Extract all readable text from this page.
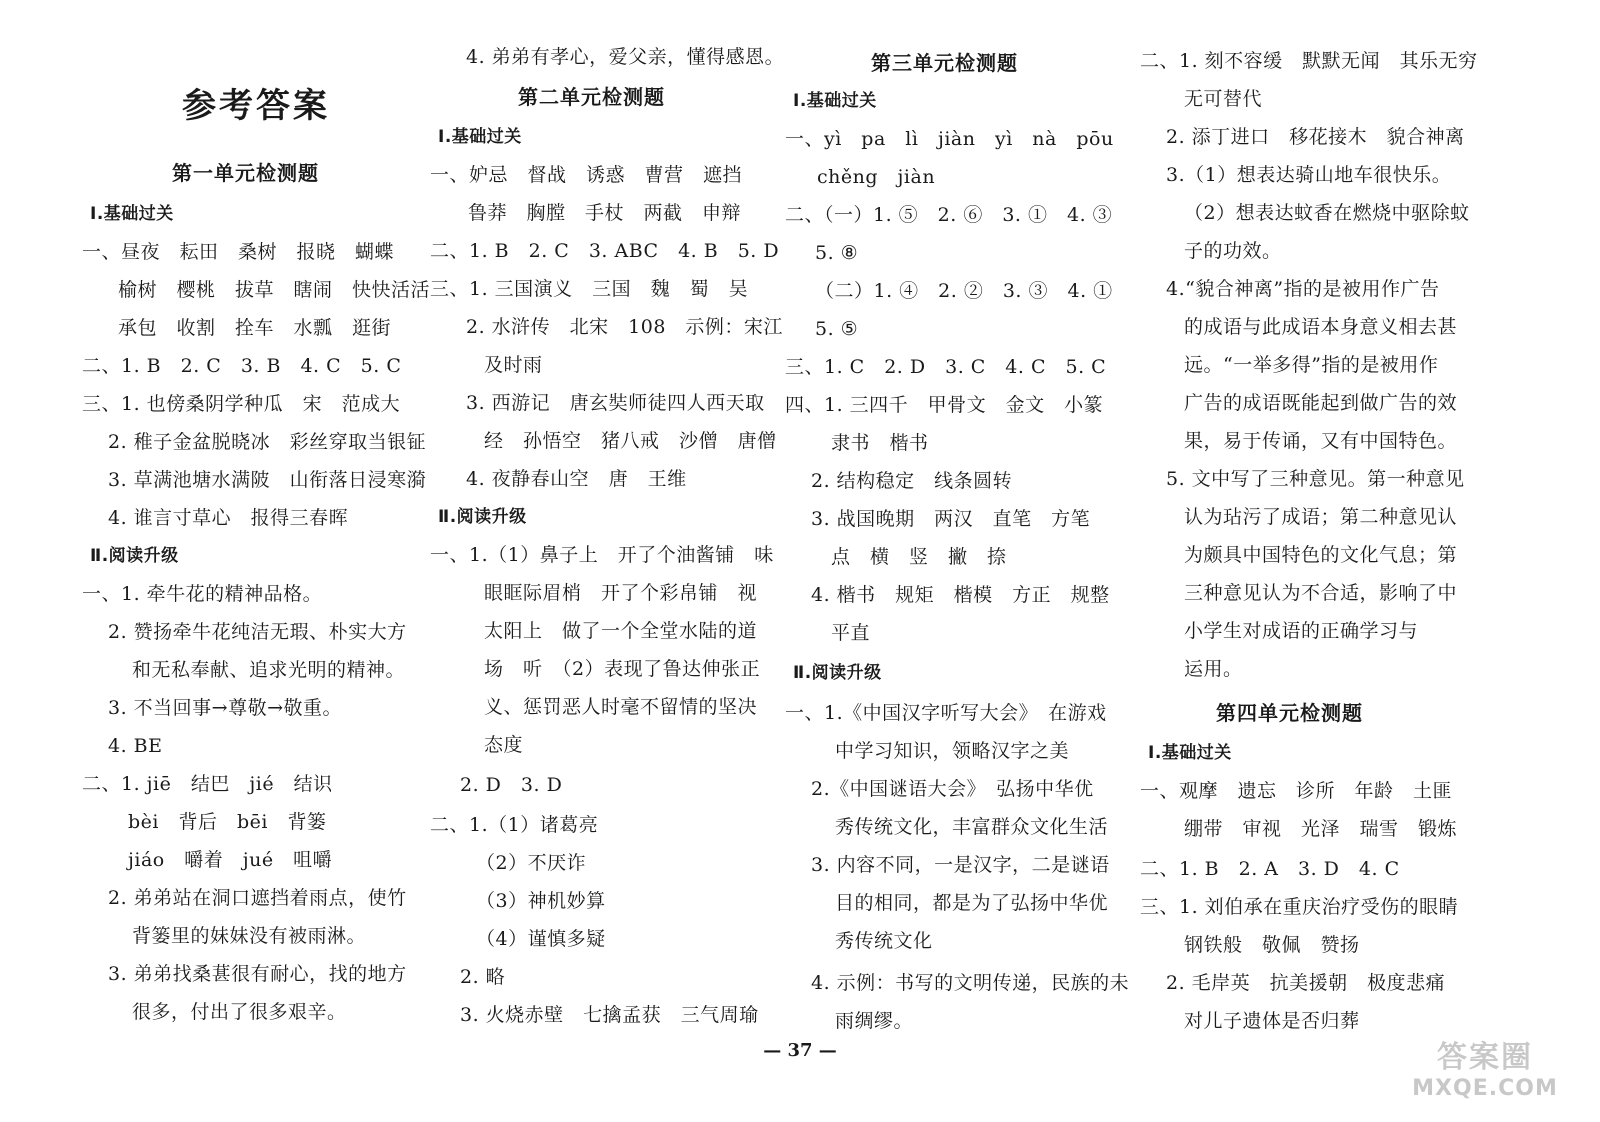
参考答案
第一单元检测题
Ⅰ.基础过关
一、昼夜　耘田　桑树　报晓　蝴蝶
榆树　樱桃　拔草　瞎闹　快快活活
承包　收割　拴车　水瓢　逛街
二、1. B　2. C　3. B　4. C　5. C
三、1. 也傍桑阴学种瓜　宋　范成大
2. 稚子金盆脱晓冰　彩丝穿取当银钲
3. 草满池塘水满陂　山衔落日浸寒漪
4. 谁言寸草心　报得三春晖
Ⅱ.阅读升级
一、1. 牵牛花的精神品格。
2. 赞扬牵牛花纯洁无瑕、朴实大方
和无私奉献、追求光明的精神。
3. 不当回事→尊敬→敬重。
4. BE
二、1. jiē　结巴　jié　结识
bèi　背后　bēi　背篓
jiáo　嚼着　jué　咀嚼
2. 弟弟站在洞口遮挡着雨点，使竹
背篓里的妹妹没有被雨淋。
3. 弟弟找桑葚很有耐心，找的地方
很多，付出了很多艰辛。
4. 弟弟有孝心，爱父亲，懂得感恩。
第二单元检测题
Ⅰ.基础过关
一、妒忌　督战　诱惑　曹营　遮挡
鲁莽　胸膛　手杖　两截　申辩
二、1. B　2. C　3. ABC　4. B　5. D
三、1. 三国演义　三国　魏　蜀　吴
2. 水浒传　北宋　108　示例：宋江
及时雨
3. 西游记　唐玄奘师徒四人西天取
经　孙悟空　猪八戒　沙僧　唐僧
4. 夜静春山空　唐　王维
Ⅱ.阅读升级
一、1.（1）鼻子上　开了个油酱铺　味
眼眶际眉梢　开了个彩帛铺　视
太阳上　做了一个全堂水陆的道
场　听　（2）表现了鲁达伸张正
义、惩罚恶人时毫不留情的坚决
态度
2. D　3. D
二、1.（1）诸葛亮
（2）不厌诈
（3）神机妙算
（4）谨慎多疑
2. 略
3. 火烧赤壁　七擒孟获　三气周瑜
第三单元检测题
Ⅰ.基础过关
一、yì　pa　lì　jiàn　yì　nà　pōu
chěng　jiàn
二、（一）1. ⑤　2. ⑥　3. ①　4. ③
5. ⑧
（二）1. ④　2. ②　3. ③　4. ①
5. ⑤
三、1. C　2. D　3. C　4. C　5. C
四、1. 三四千　甲骨文　金文　小篆
隶书　楷书
2. 结构稳定　线条圆转
3. 战国晚期　两汉　直笔　方笔
点　横　竖　撇　捺
4. 楷书　规矩　楷模　方正　规整
平直
Ⅱ.阅读升级
一、1.《中国汉字听写大会》　在游戏
中学习知识，领略汉字之美
2.《中国谜语大会》　弘扬中华优
秀传统文化，丰富群众文化生活
3. 内容不同，一是汉字，二是谜语
目的相同，都是为了弘扬中华优
秀传统文化
4. 示例：书写的文明传递，民族的未
雨绸缪。
二、1. 刻不容缓　默默无闻　其乐无穷
无可替代
2. 添丁进口　移花接木　貌合神离
3.（1）想表达骑山地车很快乐。
（2）想表达蚊香在燃烧中驱除蚊
子的功效。
4.“貌合神离”指的是被用作广告
的成语与此成语本身意义相去甚
远。“一举多得”指的是被用作
广告的成语既能起到做广告的效
果，易于传诵，又有中国特色。
5. 文中写了三种意见。第一种意见
认为玷污了成语；第二种意见认
为颇具中国特色的文化气息；第
三种意见认为不合适，影响了中
小学生对成语的正确学习与
运用。
第四单元检测题
Ⅰ.基础过关
一、观摩　遗忘　诊所　年龄　土匪
绷带　审视　光泽　瑞雪　锻炼
二、1. B　2. A　3. D　4. C
三、1. 刘伯承在重庆治疗受伤的眼睛
钢铁般　敬佩　赞扬
2. 毛岸英　抗美援朝　极度悲痛
对儿子遗体是否归葬
— 37 —	答案圈
MXQE.COM
